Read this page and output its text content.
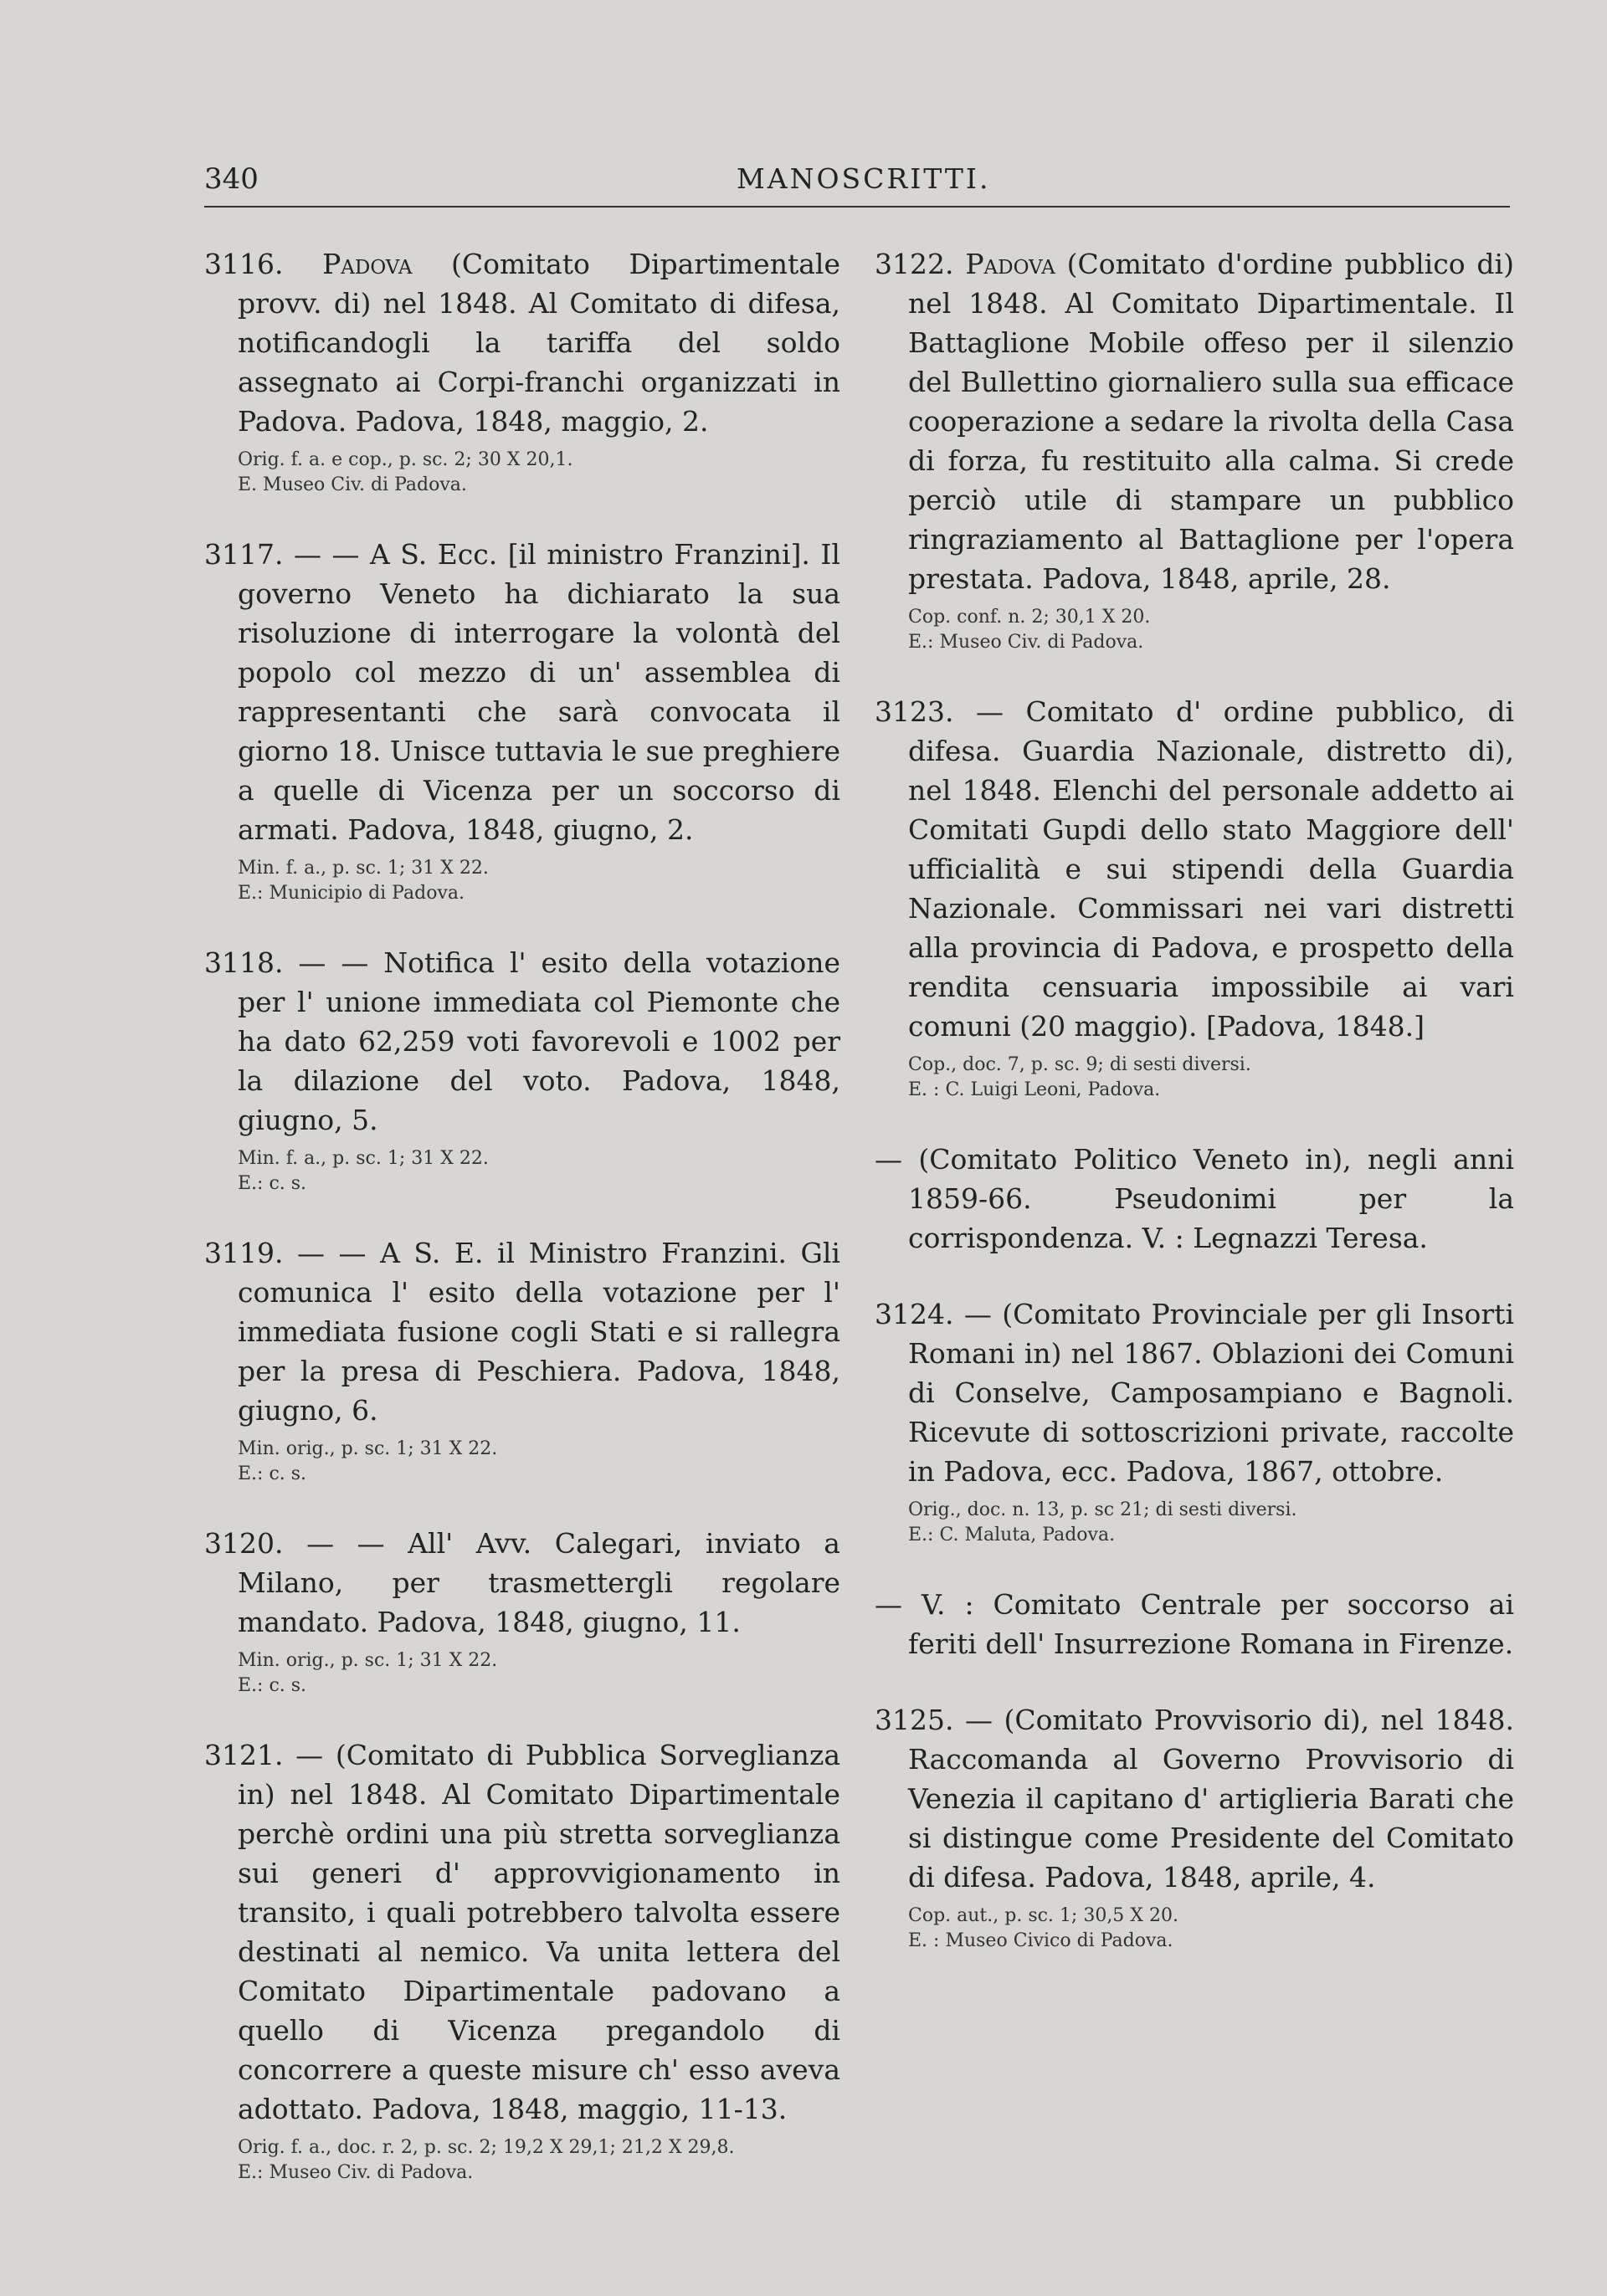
340	MANOSCRITTI.

3116. Padova (Comitato Dipartimentale provv. di) nel 1848. Al Comitato di difesa, notificandogli la tariffa del soldo assegnato ai Corpi-franchi organizzati in Padova. Padova, 1848, maggio, 2.

Orig. f. a. e cop., p. sc. 2; 30 X 20,1.
E. Museo Civ. di Padova.

3117. — — A S. Ecc. [il ministro Franzini]. Il governo Veneto ha dichiarato la sua risoluzione di interrogare la volontà del popolo col mezzo di un' assemblea di rappresentanti che sarà convocata il giorno 18. Unisce tuttavia le sue preghiere a quelle di Vicenza per un soccorso di armati. Padova, 1848, giugno, 2.

Min. f. a., p. sc. 1; 31 X 22.
E.: Municipio di Padova.

3118. — — Notifica l' esito della votazione per l' unione immediata col Piemonte che ha dato 62,259 voti favorevoli e 1002 per la dilazione del voto. Padova, 1848, giugno, 5.

Min. f. a., p. sc. 1; 31 X 22.
E.: c. s.

3119. — — A S. E. il Ministro Franzini. Gli comunica l' esito della votazione per l' immediata fusione cogli Stati e si rallegra per la presa di Peschiera. Padova, 1848, giugno, 6.

Min. orig., p. sc. 1; 31 X 22.
E.: c. s.

3120. — — All' Avv. Calegari, inviato a Milano, per trasmettergli regolare mandato. Padova, 1848, giugno, 11.

Min. orig., p. sc. 1; 31 X 22.
E.: c. s.

3121. — (Comitato di Pubblica Sorveglianza in) nel 1848. Al Comitato Dipartimentale perchè ordini una più stretta sorveglianza sui generi d' approvvigionamento in transito, i quali potrebbero talvolta essere destinati al nemico. Va unita lettera del Comitato Dipartimentale padovano a quello di Vicenza pregandolo di concorrere a queste misure ch' esso aveva adottato. Padova, 1848, maggio, 11-13.

Orig. f. a., doc. r. 2, p. sc. 2; 19,2 X 29,1; 21,2 X 29,8.
E.: Museo Civ. di Padova.

3122. Padova (Comitato d'ordine pubblico di) nel 1848. Al Comitato Dipartimentale. Il Battaglione Mobile offeso per il silenzio del Bullettino giornaliero sulla sua efficace cooperazione a sedare la rivolta della Casa di forza, fu restituito alla calma. Si crede perciò utile di stampare un pubblico ringraziamento al Battaglione per l'opera prestata. Padova, 1848, aprile, 28.

Cop. conf. n. 2; 30,1 X 20.
E.: Museo Civ. di Padova.

3123. — Comitato d' ordine pubblico, di difesa. Guardia Nazionale, distretto di), nel 1848. Elenchi del personale addetto ai Comitati Gupdi dello stato Maggiore dell' ufficialità e sui stipendi della Guardia Nazionale. Commissari nei vari distretti alla provincia di Padova, e prospetto della rendita censuaria impossibile ai vari comuni (20 maggio). [Padova, 1848.]

Cop., doc. 7, p. sc. 9; di sesti diversi.
E. : C. Luigi Leoni, Padova.

— (Comitato Politico Veneto in), negli anni 1859-66. Pseudonimi per la corrispondenza. V. : Legnazzi Teresa.

3124. — (Comitato Provinciale per gli Insorti Romani in) nel 1867. Oblazioni dei Comuni di Conselve, Camposampiano e Bagnoli. Ricevute di sottoscrizioni private, raccolte in Padova, ecc. Padova, 1867, ottobre.

Orig., doc. n. 13, p. sc 21; di sesti diversi.
E.: C. Maluta, Padova.

— V. : Comitato Centrale per soccorso ai feriti dell' Insurrezione Romana in Firenze.

3125. — (Comitato Provvisorio di), nel 1848. Raccomanda al Governo Provvisorio di Venezia il capitano d' artiglieria Barati che si distingue come Presidente del Comitato di difesa. Padova, 1848, aprile, 4.

Cop. aut., p. sc. 1; 30,5 X 20.
E. : Museo Civico di Padova.
